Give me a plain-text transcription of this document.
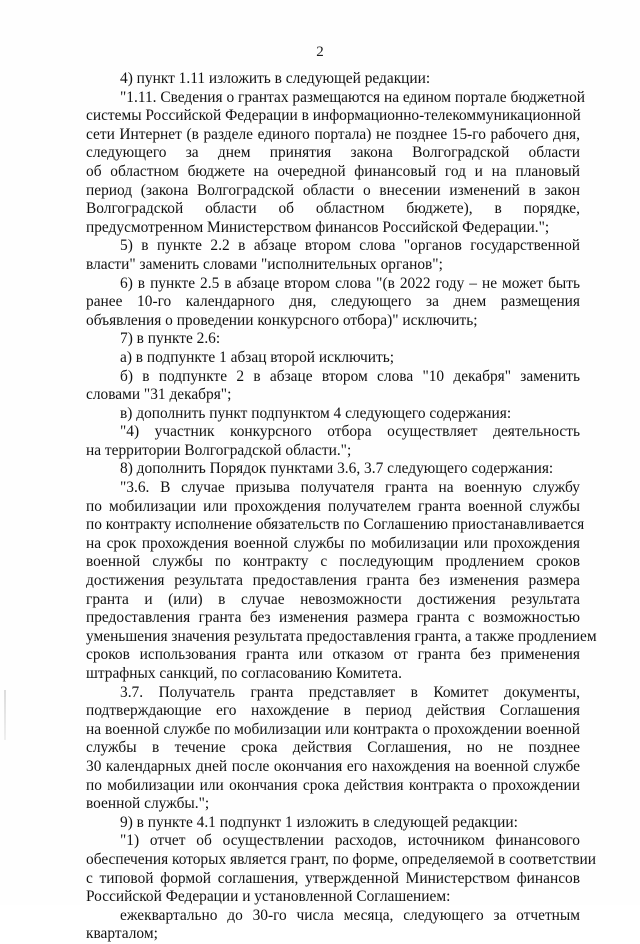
2

4) пункт 1.11 изложить в следующей редакции:

"1.11. Сведения о грантах размещаются на едином портале бюджетной

системы Российской Федерации в информационно-телекоммуникационной

сети Интернет (в разделе единого портала) не позднее 15-го рабочего дня,

следующего за днем принятия закона Волгоградской области

об областном бюджете на очередной финансовый год и на плановый

период (закона Волгоградской области о внесении изменений в закон

Волгоградской области об областном бюджете), в порядке,

предусмотренном Министерством финансов Российской Федерации.";

5) в пункте 2.2 в абзаце втором слова "органов государственной

власти" заменить словами "исполнительных органов";

6) в пункте 2.5 в абзаце втором слова "(в 2022 году – не может быть

ранее 10-го календарного дня, следующего за днем размещения

объявления о проведении конкурсного отбора)" исключить;

7) в пункте 2.6:

а) в подпункте 1 абзац второй исключить;

б) в подпункте 2 в абзаце втором слова "10 декабря" заменить

словами "31 декабря";

в) дополнить пункт подпунктом 4 следующего содержания:

"4) участник конкурсного отбора осуществляет деятельность

на территории Волгоградской области.";

8) дополнить Порядок пунктами 3.6, 3.7 следующего содержания:

"3.6. В случае призыва получателя гранта на военную службу

по мобилизации или прохождения получателем гранта военной службы

по контракту исполнение обязательств по Соглашению приостанавливается

на срок прохождения военной службы по мобилизации или прохождения

военной службы по контракту с последующим продлением сроков

достижения результата предоставления гранта без изменения размера

гранта и (или) в случае невозможности достижения результата

предоставления гранта без изменения размера гранта с возможностью

уменьшения значения результата предоставления гранта, а также продлением

сроков использования гранта или отказом от гранта без применения

штрафных санкций, по согласованию Комитета.

3.7. Получатель гранта представляет в Комитет документы,

подтверждающие его нахождение в период действия Соглашения

на военной службе по мобилизации или контракта о прохождении военной

службы в течение срока действия Соглашения, но не позднее

30 календарных дней после окончания его нахождения на военной службе

по мобилизации или окончания срока действия контракта о прохождении

военной службы.";

9) в пункте 4.1 подпункт 1 изложить в следующей редакции:

"1) отчет об осуществлении расходов, источником финансового

обеспечения которых является грант, по форме, определяемой в соответствии

с типовой формой соглашения, утвержденной Министерством финансов

Российской Федерации и установленной Соглашением:

ежеквартально до 30-го числа месяца, следующего за отчетным

кварталом;
